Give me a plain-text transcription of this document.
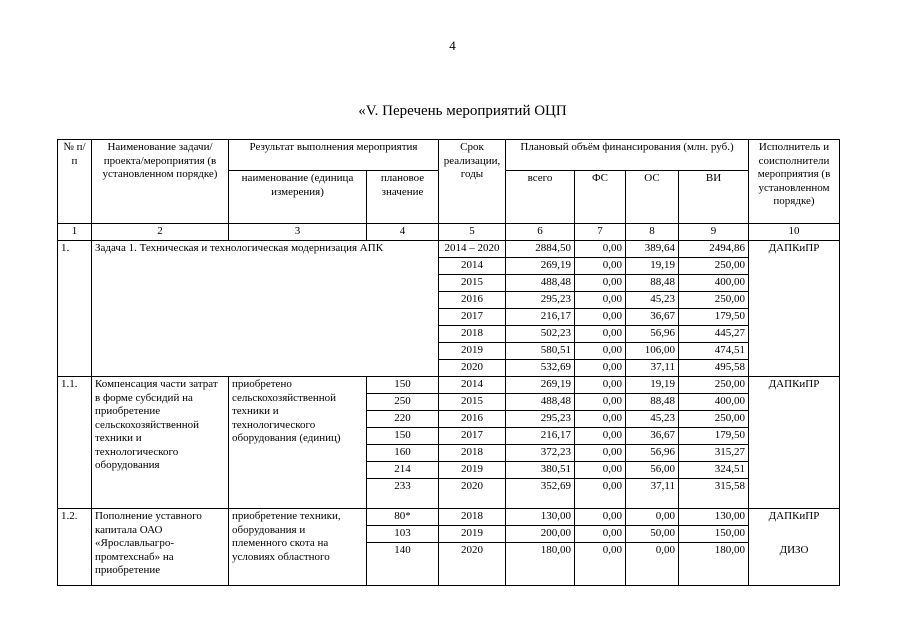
4
«V. Перечень мероприятий ОЦП
№ п/п	Наименование задачи/ проекта/мероприятия (в установленном порядке)	Результат выполнения мероприятия		Срок реализации, годы	Плановый объём финансирования (млн. руб.)				Исполнитель и соисполнители мероприятия (в установленном порядке)
		наименование (единица измерения)	плановое значение		всего	ФС	ОС	ВИ	
1	2	3	4	5	6	7	8	9	10
1.	Задача 1. Техническая и технологическая модернизация АПК			2014 – 2020	2884,50	0,00	389,64	2494,86	ДАПКиПР
				2014	269,19	0,00	19,19	250,00	
				2015	488,48	0,00	88,48	400,00	
				2016	295,23	0,00	45,23	250,00	
				2017	216,17	0,00	36,67	179,50	
				2018	502,23	0,00	56,96	445,27	
				2019	580,51	0,00	106,00	474,51	
				2020	532,69	0,00	37,11	495,58	
1.1.	Компенсация части затрат в форме субсидий на приобретение сельскохозяйственной техники и технологического оборудования	приобретено сельскохозяйственной техники и технологического оборудования (единиц)	150	2014	269,19	0,00	19,19	250,00	ДАПКиПР
			250	2015	488,48	0,00	88,48	400,00	
			220	2016	295,23	0,00	45,23	250,00	
			150	2017	216,17	0,00	36,67	179,50	
			160	2018	372,23	0,00	56,96	315,27	
			214	2019	380,51	0,00	56,00	324,51	
			233	2020	352,69	0,00	37,11	315,58	
1.2.	Пополнение уставного капитала ОАО «Ярославльагро-промтехснаб» на приобретение	приобретение техники, оборудования и племенного скота на условиях областного	80*	2018	130,00	0,00	0,00	130,00	ДАПКиПР
			103	2019	200,00	0,00	50,00	150,00	
			140	2020	180,00	0,00	0,00	180,00	ДИЗО
